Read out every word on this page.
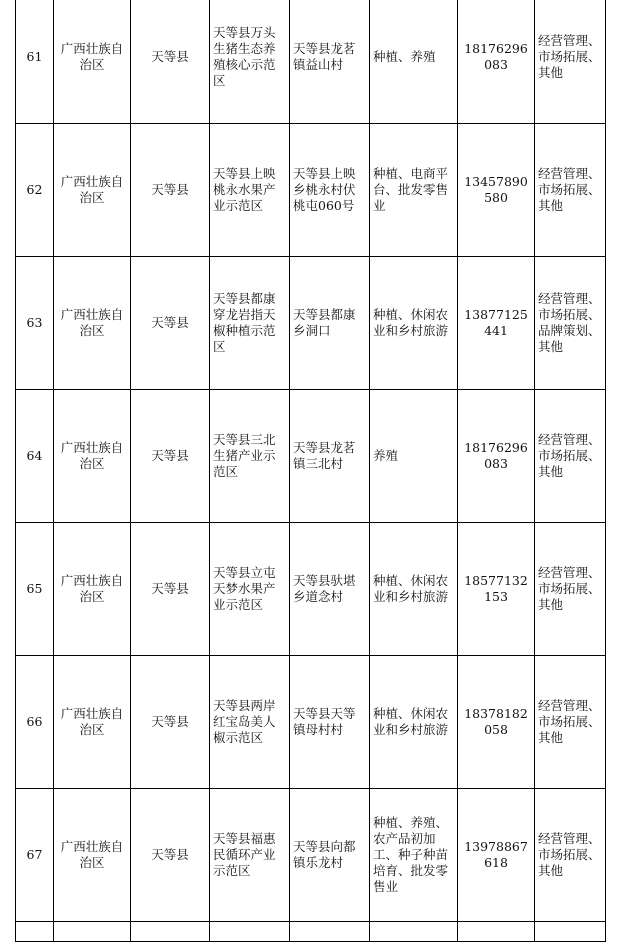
61	广西壮族自治区	天等县	天等县万头生猪生态养殖核心示范区	天等县龙茗镇益山村	种植、养殖	18176296083	经营管理、市场拓展、其他
62	广西壮族自治区	天等县	天等县上映桃永水果产业示范区	天等县上映乡桃永村伏桃屯060号	种植、电商平台、批发零售业	13457890580	经营管理、市场拓展、其他
63	广西壮族自治区	天等县	天等县都康穿龙岩指天椒种植示范区	天等县都康乡洞口	种植、休闲农业和乡村旅游	13877125441	经营管理、市场拓展、品牌策划、其他
64	广西壮族自治区	天等县	天等县三北生猪产业示范区	天等县龙茗镇三北村	养殖	18176296083	经营管理、市场拓展、其他
65	广西壮族自治区	天等县	天等县立屯天梦水果产业示范区	天等县驮堪乡道念村	种植、休闲农业和乡村旅游	18577132153	经营管理、市场拓展、其他
66	广西壮族自治区	天等县	天等县两岸红宝岛美人椒示范区	天等县天等镇母村村	种植、休闲农业和乡村旅游	18378182058	经营管理、市场拓展、其他
67	广西壮族自治区	天等县	天等县福惠民循环产业示范区	天等县向都镇乐龙村	种植、养殖、农产品初加工、种子种苗培育、批发零售业	13978867618	经营管理、市场拓展、其他
